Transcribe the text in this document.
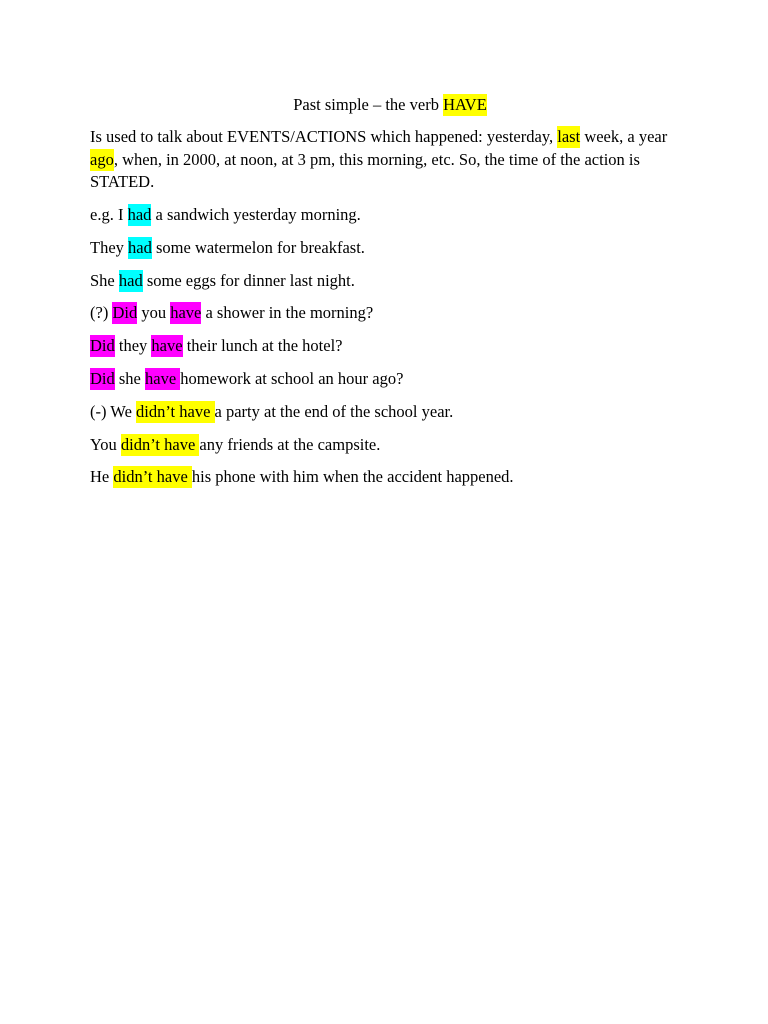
Past simple – the verb HAVE
Is used to talk about EVENTS/ACTIONS which happened: yesterday, last week, a year ago, when, in 2000, at noon, at 3 pm, this morning, etc. So, the time of the action is STATED.
e.g. I had a sandwich yesterday morning.
They had some watermelon for breakfast.
She had some eggs for dinner last night.
(?) Did you have a shower in the morning?
Did they have their lunch at the hotel?
Did she have homework at school an hour ago?
(-) We didn’t have a party at the end of the school year.
You didn’t have any friends at the campsite.
He didn’t have his phone with him when the accident happened.
